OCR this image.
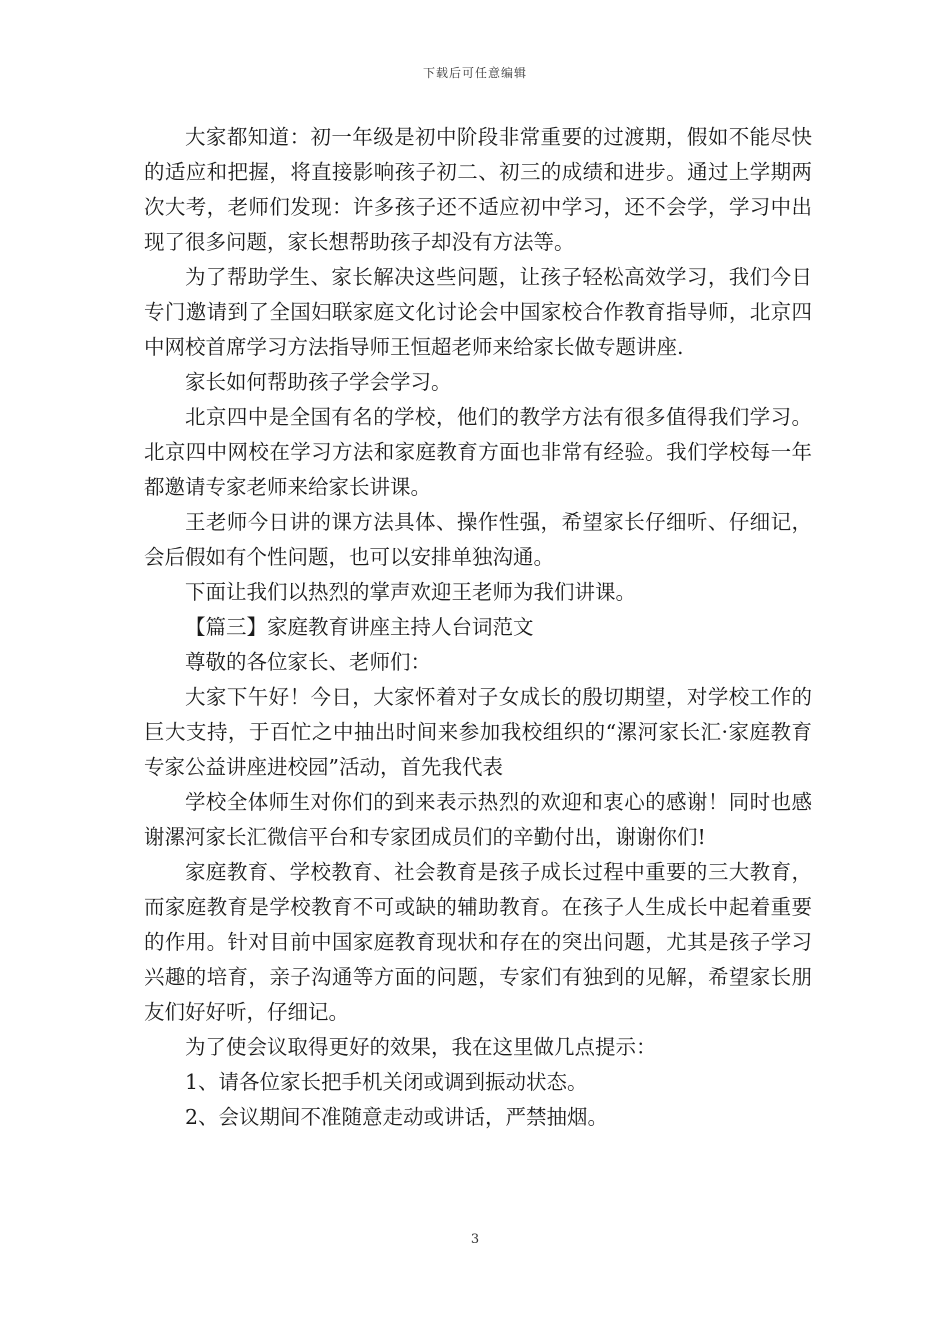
下载后可任意编辑

大家都知道：初一年级是初中阶段非常重要的过渡期，假如不能尽快的适应和把握，将直接影响孩子初二、初三的成绩和进步。通过上学期两次大考，老师们发现：许多孩子还不适应初中学习，还不会学，学习中出现了很多问题，家长想帮助孩子却没有方法等。

为了帮助学生、家长解决这些问题，让孩子轻松高效学习，我们今日专门邀请到了全国妇联家庭文化讨论会中国家校合作教育指导师，北京四中网校首席学习方法指导师王恒超老师来给家长做专题讲座.

家长如何帮助孩子学会学习。

北京四中是全国有名的学校，他们的教学方法有很多值得我们学习。北京四中网校在学习方法和家庭教育方面也非常有经验。我们学校每一年都邀请专家老师来给家长讲课。

王老师今日讲的课方法具体、操作性强，希望家长仔细听、仔细记，会后假如有个性问题，也可以安排单独沟通。

下面让我们以热烈的掌声欢迎王老师为我们讲课。

【篇三】家庭教育讲座主持人台词范文

尊敬的各位家长、老师们：

大家下午好！今日，大家怀着对子女成长的殷切期望，对学校工作的巨大支持，于百忙之中抽出时间来参加我校组织的“漯河家长汇·家庭教育专家公益讲座进校园”活动，首先我代表

学校全体师生对你们的到来表示热烈的欢迎和衷心的感谢！同时也感谢漯河家长汇微信平台和专家团成员们的辛勤付出，谢谢你们!

家庭教育、学校教育、社会教育是孩子成长过程中重要的三大教育，而家庭教育是学校教育不可或缺的辅助教育。在孩子人生成长中起着重要的作用。针对目前中国家庭教育现状和存在的突出问题，尤其是孩子学习兴趣的培育，亲子沟通等方面的问题，专家们有独到的见解，希望家长朋友们好好听，仔细记。

为了使会议取得更好的效果，我在这里做几点提示：

1、请各位家长把手机关闭或调到振动状态。

2、会议期间不准随意走动或讲话，严禁抽烟。

3
